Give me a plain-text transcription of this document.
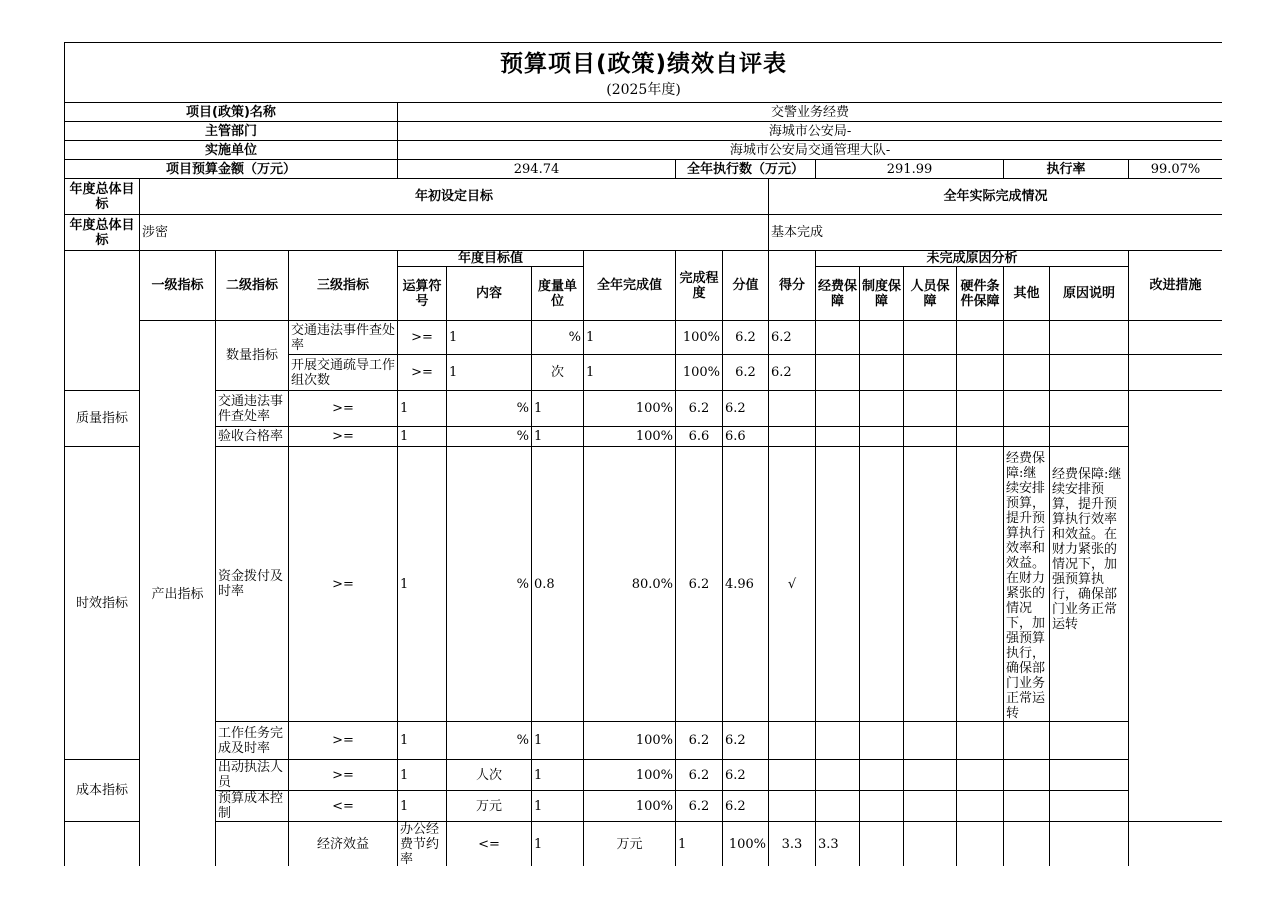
预算项目(政策)绩效自评表
(2025年度)																		

项目(政策)名称				交警业务经费														
主管部门				海城市公安局-														
实施单位				海城市公安局交通管理大队-														
项目预算金额（万元）				294.74				全年执行数（万元）			291.99				执行率		99.07%	
年度总体目标	年初设定目标									全年实际完成情况								
年度总体目标	涉密									基本完成								
	一级指标	二级指标	三级指标	年度目标值			全年完成值	完成程度	分值	得分	未完成原因分析						改进措施	
				运算符号	内容	度量单位					经费保障	制度保障	人员保障	硬件条件保障	其他	原因说明		
	产出指标	数量指标	交通违法事件查处率	>=	1	%	1	100%	6.2	6.2								
			开展交通疏导工作组次数	>=	1	次	1	100%	6.2	6.2								
质量指标		交通违法事件查处率	>=	1	%	1	100%	6.2	6.2									
		验收合格率	>=	1	%	1	100%	6.6	6.6									
时效指标		资金拨付及时率	>=	1	%	0.8	80.0%	6.2	4.96	√					经费保障:继续安排预算，提升预算执行效率和效益。在财力紧张的情况下，加强预算执行，确保部门业务正常运转	经费保障:继续安排预算，提升预算执行效率和效益。在财力紧张的情况下，加强预算执行，确保部门业务正常运转		
		工作任务完成及时率	>=	1	%	1	100%	6.2	6.2									
成本指标		出动执法人员	>=	1	人次	1	100%	6.2	6.2									
		预算成本控制	<=	1	万元	1	100%	6.2	6.2									
			经济效益	办公经费节约率	<=	1	万元	1	100%	3.3	3.3							
